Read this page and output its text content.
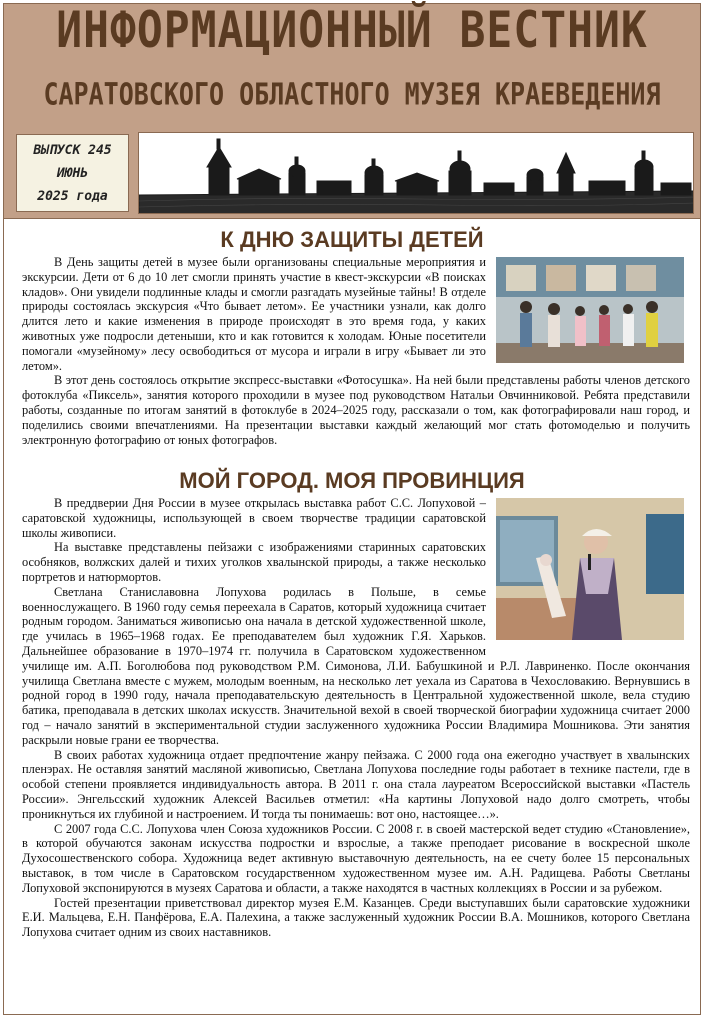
ИНФОРМАЦИОННЫЙ ВЕСТНИК
САРАТОВСКОГО ОБЛАСТНОГО МУЗЕЯ КРАЕВЕДЕНИЯ
ВЫПУСК 245
ИЮНЬ
2025 года
К ДНЮ ЗАЩИТЫ ДЕТЕЙ

В День защиты детей в музее были организованы специальные мероприятия и экскурсии. Дети от 6 до 10 лет смогли принять участие в квест-экскурсии «В поисках кладов». Они увидели подлинные клады и смогли разгадать музейные тайны! В отделе природы состоялась экскурсия «Что бывает летом». Ее участники узнали, как долго длится лето и какие изменения в природе происходят в это время года, у каких животных уже подросли детеныши, кто и как готовится к холодам. Юные посетители помогали «музейному» лесу освободиться от мусора и играли в игру «Бывает ли это летом».

В этот день состоялось открытие экспресс-выставки «Фотосушка». На ней были представлены работы членов детского фотоклуба «Пиксель», занятия которого проходили в музее под руководством Натальи Овчинниковой. Ребята представили работы, созданные по итогам занятий в фотоклубе в 2024–2025 году, рассказали о том, как фотографировали наш город, и поделились своими впечатлениями. На презентации выставки каждый желающий мог стать фотомоделью и получить электронную фотографию от юных фотографов.

МОЙ ГОРОД. МОЯ ПРОВИНЦИЯ

В преддверии Дня России в музее открылась выставка работ С.С. Лопуховой – саратовской художницы, использующей в своем творчестве традиции саратовской школы живописи.

На выставке представлены пейзажи с изображениями старинных саратовских особняков, волжских далей и тихих уголков хвалынской природы, а также несколько портретов и натюрмортов.

Светлана Станиславовна Лопухова родилась в Польше, в семье военнослужащего. В 1960 году семья переехала в Саратов, который художница считает родным городом. Заниматься живописью она начала в детской художественной школе, где училась в 1965–1968 годах. Ее преподавателем был художник Г.Я. Харьков. Дальнейшее образование в 1970–1974 гг. получила в Саратовском художественном училище им. А.П. Боголюбова под руководством Р.М. Симонова, Л.И. Бабушкиной и Р.Л. Лавриненко. После окончания училища Светлана вместе с мужем, молодым военным, на несколько лет уехала из Саратова в Чехословакию. Вернувшись в родной город в 1990 году, начала преподавательскую деятельность в Центральной художественной школе, вела студию батика, преподавала в детских школах искусств. Значительной вехой в своей творческой биографии художница считает 2000 год – начало занятий в экспериментальной студии заслуженного художника России Владимира Мошникова. Эти занятия раскрыли новые грани ее творчества.

В своих работах художница отдает предпочтение жанру пейзажа. С 2000 года она ежегодно участвует в хвалынских пленэрах. Не оставляя занятий масляной живописью, Светлана Лопухова последние годы работает в технике пастели, где в особой степени проявляется индивидуальность автора. В 2011 г. она стала лауреатом Всероссийской выставки «Пастель России». Энгельсский художник Алексей Васильев отметил: «На картины Лопуховой надо долго смотреть, чтобы проникнуться их глубиной и настроением. И тогда ты понимаешь: вот оно, настоящее…».

С 2007 года С.С. Лопухова член Союза художников России. С 2008 г. в своей мастерской ведет студию «Становление», в которой обучаются законам искусства подростки и взрослые, а также преподает рисование в воскресной школе Духосошественского собора. Художница ведет активную выставочную деятельность, на ее счету более 15 персональных выставок, в том числе в Саратовском государственном художественном музее им. А.Н. Радищева. Работы Светланы Лопуховой экспонируются в музеях Саратова и области, а также находятся в частных коллекциях в России и за рубежом.

Гостей презентации приветствовал директор музея Е.М. Казанцев. Среди выступавших были саратовские художники Е.И. Мальцева, Е.Н. Панфёрова, Е.А. Палехина, а также заслуженный художник России В.А. Мошников, которого Светлана Лопухова считает одним из своих наставников.
